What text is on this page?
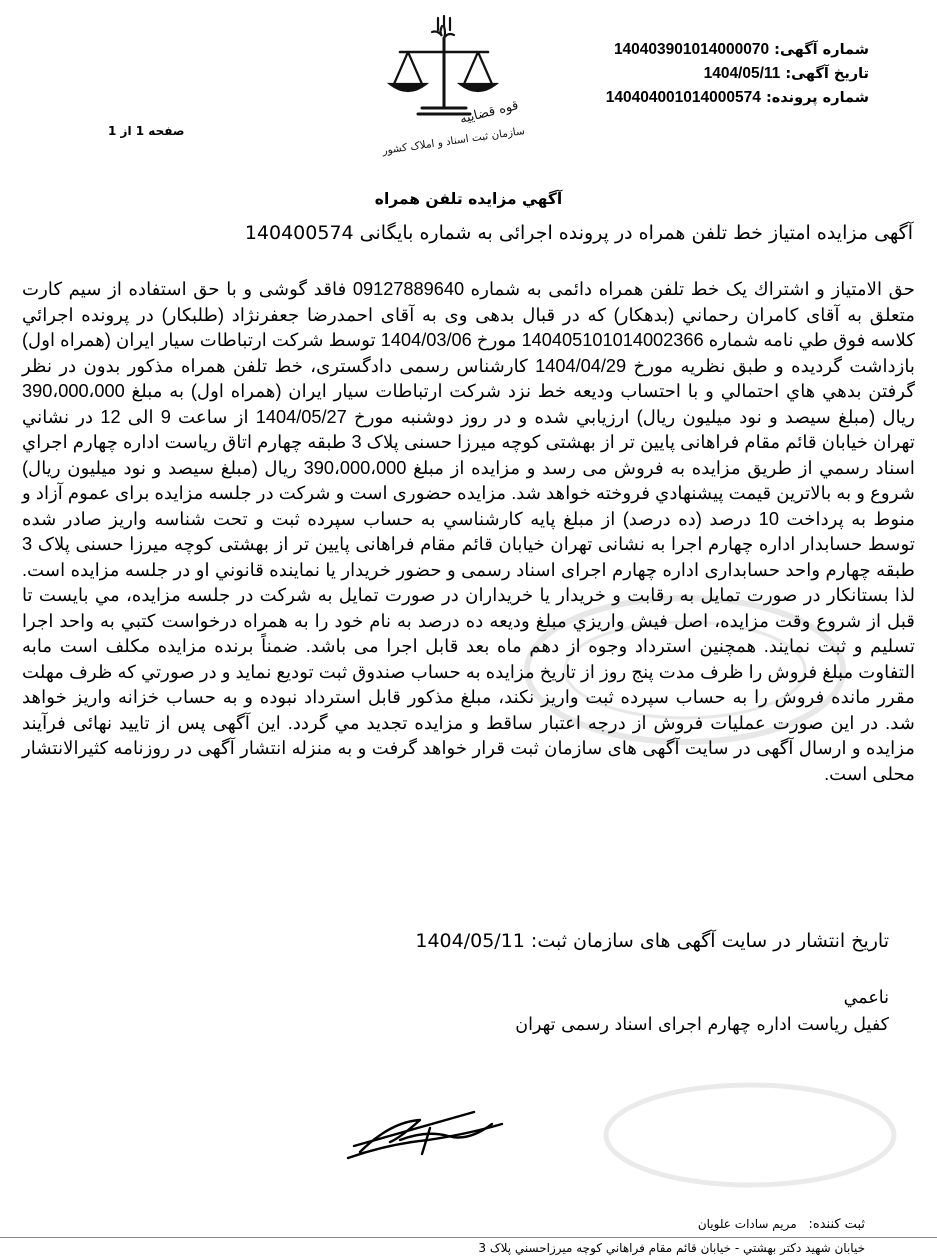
شماره آگهی: 140403901014000070
تاریخ آگهی: 1404/05/11
شماره پرونده: 140404001014000574
قوه قضاییه
سازمان ثبت اسناد و املاک کشور
صفحه 1 از 1
آگهي مزايده تلفن همراه
آگهی مزایده امتیاز خط تلفن همراه در پرونده اجرائی به شماره بایگانی 140400574
حق الامتیاز و اشتراك یک خط تلفن همراه دائمی به شماره 09127889640 فاقد گوشی و با حق استفاده از سیم کارت متعلق به آقای کامران رحماني (بدهكار) که در قبال بدهی وی به آقای احمدرضا جعفرنژاد (طلبكار) در پرونده اجرائي كلاسه فوق طي نامه شماره 140405101014002366 مورخ 1404/03/06 توسط شرکت ارتباطات سیار ایران (همراه اول) بازداشت گرديده و طبق نظريه مورخ 1404/04/29 كارشناس رسمی دادگستری، خط تلفن همراه مذكور بدون در نظر گرفتن بدهي هاي احتمالي و با احتساب ودیعه خط نزد شرکت ارتباطات سیار ایران (همراه اول) به مبلغ 390،000،000 ريال (مبلغ سیصد و نود میلیون ریال) ارزيابي شده و در روز دوشنبه مورخ 1404/05/27 از ساعت 9 الی 12 در نشاني تهران خیابان قائم مقام فراهانی پایین تر از بهشتی کوچه میرزا حسنی پلاک 3 طبقه چهارم اتاق ریاست اداره چهارم اجراي اسناد رسمي از طريق مزايده به فروش مى رسد و مزايده از مبلغ 390،000،000 ريال (مبلغ سیصد و نود میلیون ریال) شروع و به بالاترين قيمت پيشنهادي فروخته خواهد شد. مزايده حضوری است و شركت در جلسه مزايده برای عموم آزاد و منوط به پرداخت 10 درصد (ده درصد) از مبلغ پايه كارشناسي به حساب سپرده ثبت و تحت شناسه واريز صادر شده توسط حسابدار اداره چهارم اجرا به نشانی تهران خیابان قائم مقام فراهانی پایین تر از بهشتی کوچه میرزا حسنی پلاک 3 طبقه چهارم واحد حسابداری اداره چهارم اجرای اسناد رسمی و حضور خريدار يا نماينده قانوني او در جلسه مزايده است. لذا بستانکار در صورت تمایل به رقابت و خریدار یا خریداران در صورت تمايل به شركت در جلسه مزايده، مي بايست تا قبل از شروع وقت مزايده، اصل فيش واريزي مبلغ وديعه ده درصد به نام خود را به همراه درخواست كتبي به واحد اجرا تسليم و ثبت نمايند. همچنين استرداد وجوه از دهم ماه بعد قابل اجرا مى باشد. ضمناً برنده مزايده مکلف است مابه التفاوت مبلغ فروش را ظرف مدت پنج روز از تاريخ مزايده به حساب صندوق ثبت توديع نمايد و در صورتي كه ظرف مهلت مقرر مانده فروش را به حساب سپرده ثبت واريز نكند، مبلغ مذكور قابل استرداد نبوده و به حساب خزانه واريز خواهد شد. در اين صورت عمليات فروش از درجه اعتبار ساقط و مزايده تجديد مي گردد. اين آگهی پس از تاييد نهائی فرآیند مزایده و ارسال آگهی در سايت آگهی های سازمان ثبت قرار خواهد گرفت و به منزله انتشار آگهی در روزنامه كثيرالانتشار محلی است.
تاريخ انتشار در سایت آگهی های سازمان ثبت: 1404/05/11
ناعمي
کفیل ریاست اداره چهارم اجرای اسناد رسمی تهران
ثبت كننده: مريم سادات علويان
خيابان شهيد دكتر بهشتي - خيابان قائم مقام فراهاني كوچه ميرزاحسني پلاک 3
